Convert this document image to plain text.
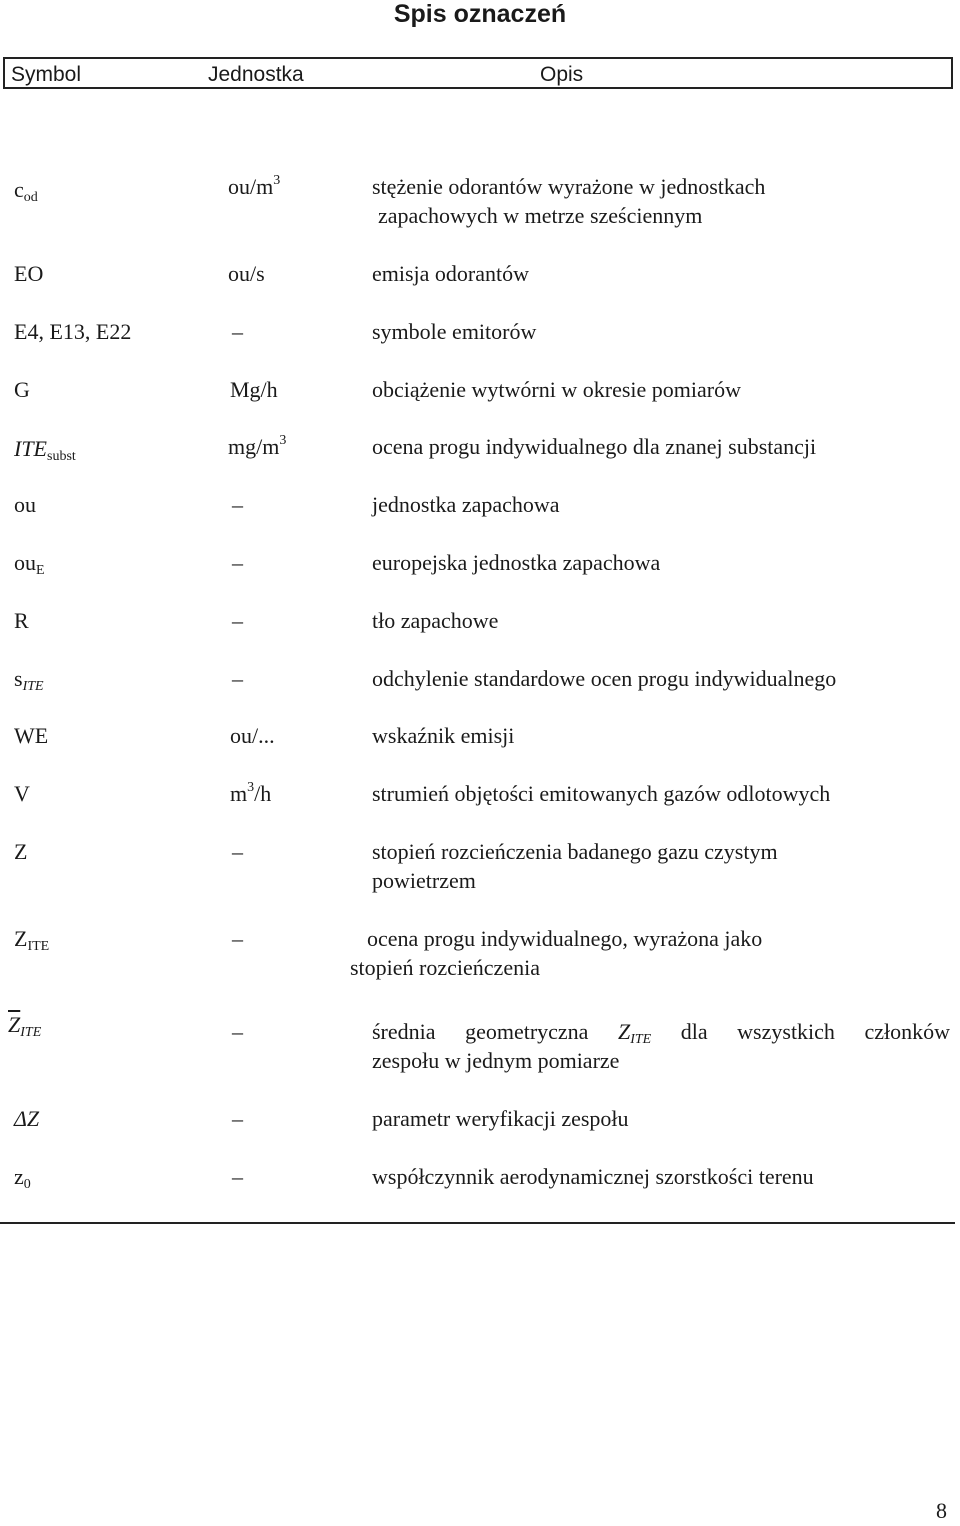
Spis oznaczeń
Symbol	Jednostka	Opis
$c_{od}$	$ou/m^3$	stężenie odorantów wyrażone w jednostkach
zapachowych w metrze sześciennym
EO	ou/s	emisja odorantów
E4, E13, E22	–	symbole emitorów
G	Mg/h	obciążenie wytwórni w okresie pomiarów
$ITE_{subst}$	$mg/m^3$	ocena progu indywidualnego dla znanej substancji
ou	–	jednostka zapachowa
$ou_E$	–	europejska jednostka zapachowa
R	–	tło zapachowe
$s_{ITE}$	–	odchylenie standardowe ocen progu indywidualnego
WE	ou/...	wskaźnik emisji
V	$m^3/h$	strumień objętości emitowanych gazów odlotowych
Z	–	stopień rozcieńczenia badanego gazu czystym
powietrzem
$Z_{ITE}$	–	ocena progu indywidualnego, wyrażona jako
stopień rozcieńczenia
$\overline{Z}_{ITE}$	–	średnia geometryczna $Z_{ITE}$ dla wszystkich członków
zespołu w jednym pomiarze
ΔZ	–	parametr weryfikacji zespołu
$z_0$	–	współczynnik aerodynamicznej szorstkości terenu
8
